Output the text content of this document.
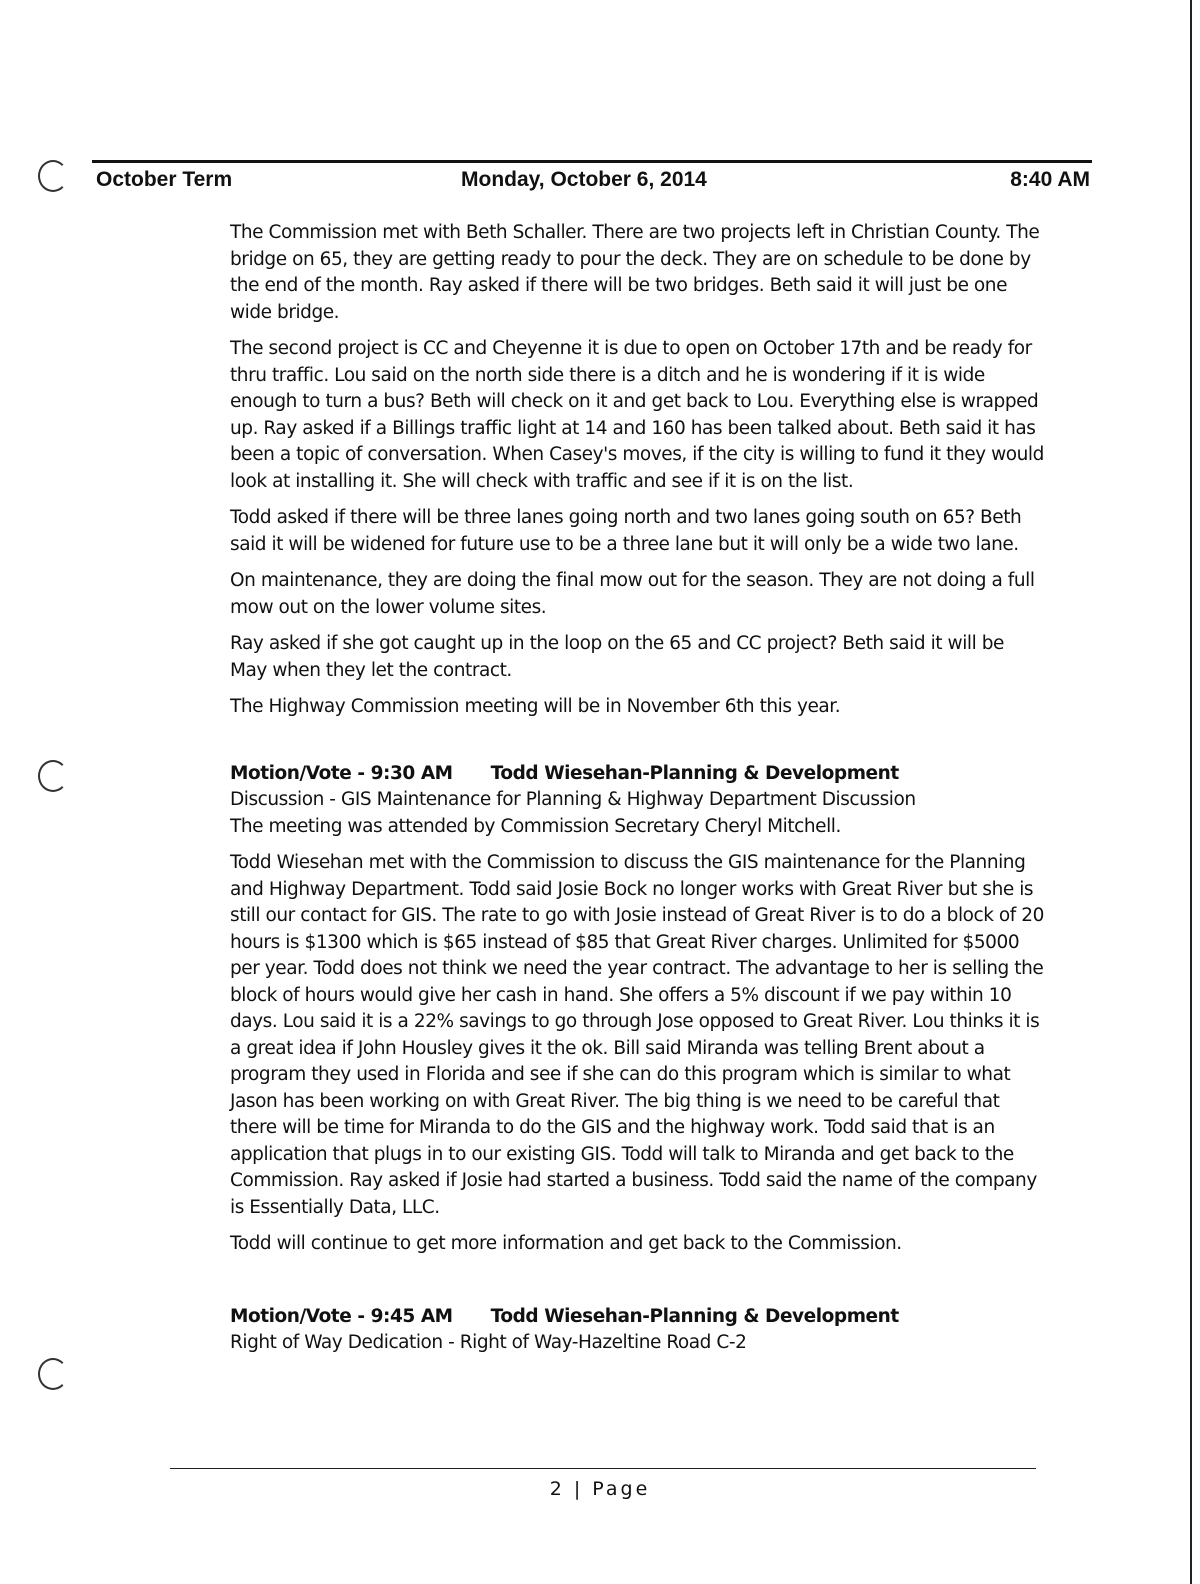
October Term	Monday, October 6, 2014	8:40 AM

The Commission met with Beth Schaller. There are two projects left in Christian County. The bridge on 65, they are getting ready to pour the deck. They are on schedule to be done by the end of the month. Ray asked if there will be two bridges. Beth said it will just be one wide bridge.

The second project is CC and Cheyenne it is due to open on October 17th and be ready for thru traffic. Lou said on the north side there is a ditch and he is wondering if it is wide enough to turn a bus? Beth will check on it and get back to Lou. Everything else is wrapped up. Ray asked if a Billings traffic light at 14 and 160 has been talked about. Beth said it has been a topic of conversation. When Casey's moves, if the city is willing to fund it they would look at installing it. She will check with traffic and see if it is on the list.

Todd asked if there will be three lanes going north and two lanes going south on 65? Beth said it will be widened for future use to be a three lane but it will only be a wide two lane.

On maintenance, they are doing the final mow out for the season. They are not doing a full mow out on the lower volume sites.

Ray asked if she got caught up in the loop on the 65 and CC project? Beth said it will be May when they let the contract.

The Highway Commission meeting will be in November 6th this year.

Motion/Vote - 9:30 AM Todd Wiesehan-Planning & Development
Discussion - GIS Maintenance for Planning & Highway Department Discussion

The meeting was attended by Commission Secretary Cheryl Mitchell.

Todd Wiesehan met with the Commission to discuss the GIS maintenance for the Planning and Highway Department. Todd said Josie Bock no longer works with Great River but she is still our contact for GIS. The rate to go with Josie instead of Great River is to do a block of 20 hours is $1300 which is $65 instead of $85 that Great River charges. Unlimited for $5000 per year. Todd does not think we need the year contract. The advantage to her is selling the block of hours would give her cash in hand. She offers a 5% discount if we pay within 10 days. Lou said it is a 22% savings to go through Jose opposed to Great River. Lou thinks it is a great idea if John Housley gives it the ok. Bill said Miranda was telling Brent about a program they used in Florida and see if she can do this program which is similar to what Jason has been working on with Great River. The big thing is we need to be careful that there will be time for Miranda to do the GIS and the highway work. Todd said that is an application that plugs in to our existing GIS. Todd will talk to Miranda and get back to the Commission. Ray asked if Josie had started a business. Todd said the name of the company is Essentially Data, LLC.

Todd will continue to get more information and get back to the Commission.

Motion/Vote - 9:45 AM Todd Wiesehan-Planning & Development
Right of Way Dedication - Right of Way-Hazeltine Road C-2
2 | Page
